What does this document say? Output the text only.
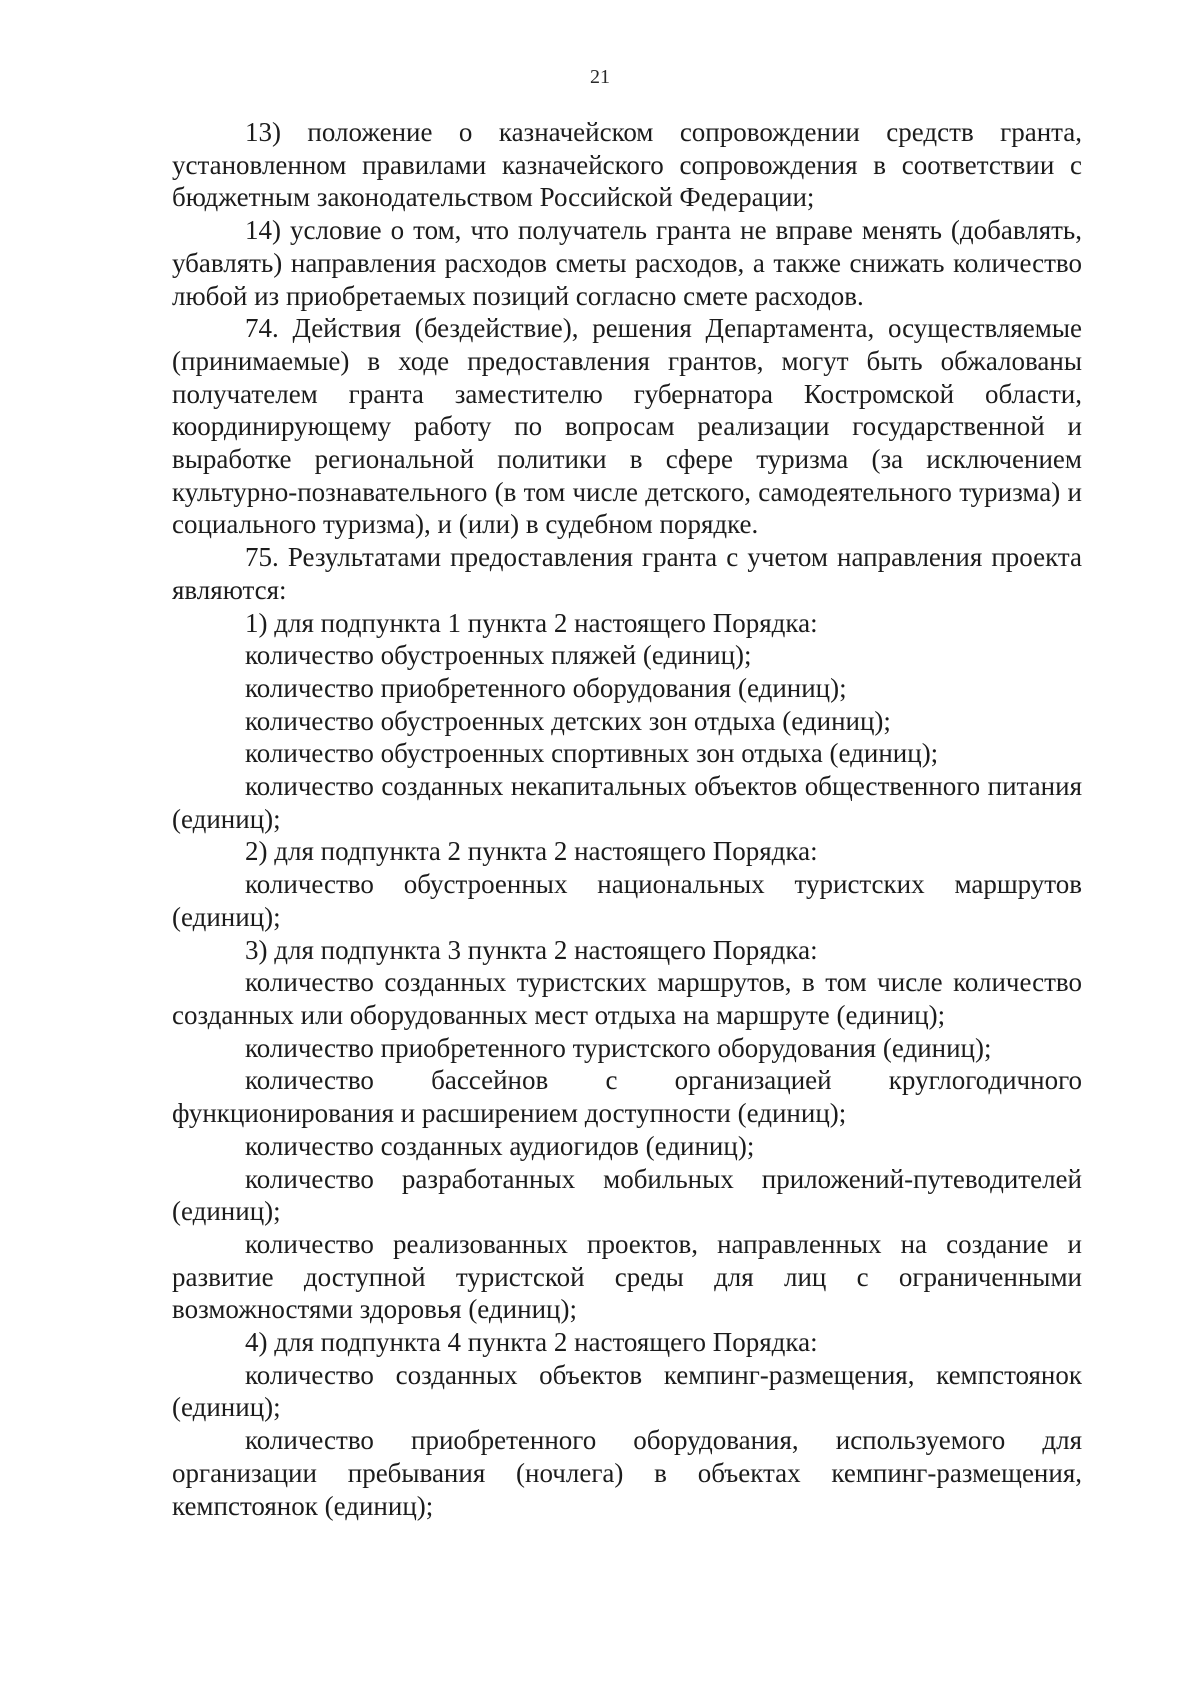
21

13) положение о казначейском сопровождении средств гранта, установленном правилами казначейского сопровождения в соответствии с бюджетным законодательством Российской Федерации;

14) условие о том, что получатель гранта не вправе менять (добавлять, убавлять) направления расходов сметы расходов, а также снижать количество любой из приобретаемых позиций согласно смете расходов.

74. Действия (бездействие), решения Департамента, осуществляемые (принимаемые) в ходе предоставления грантов, могут быть обжалованы получателем гранта заместителю губернатора Костромской области, координирующему работу по вопросам реализации государственной и выработке региональной политики в сфере туризма (за исключением культурно-познавательного (в том числе детского, самодеятельного туризма) и социального туризма), и (или) в судебном порядке.

75. Результатами предоставления гранта с учетом направления проекта являются:

1) для подпункта 1 пункта 2 настоящего Порядка:

количество обустроенных пляжей (единиц);

количество приобретенного оборудования (единиц);

количество обустроенных детских зон отдыха (единиц);

количество обустроенных спортивных зон отдыха (единиц);

количество созданных некапитальных объектов общественного питания (единиц);

2) для подпункта 2 пункта 2 настоящего Порядка:

количество обустроенных национальных туристских маршрутов (единиц);

3) для подпункта 3 пункта 2 настоящего Порядка:

количество созданных туристских маршрутов, в том числе количество созданных или оборудованных мест отдыха на маршруте (единиц);

количество приобретенного туристского оборудования (единиц);

количество бассейнов с организацией круглогодичного функционирования и расширением доступности (единиц);

количество созданных аудиогидов (единиц);

количество разработанных мобильных приложений-путеводителей (единиц);

количество реализованных проектов, направленных на создание и развитие доступной туристской среды для лиц с ограниченными возможностями здоровья (единиц);

4) для подпункта 4 пункта 2 настоящего Порядка:

количество созданных объектов кемпинг-размещения, кемпстоянок (единиц);

количество приобретенного оборудования, используемого для организации пребывания (ночлега) в объектах кемпинг-размещения, кемпстоянок (единиц);
